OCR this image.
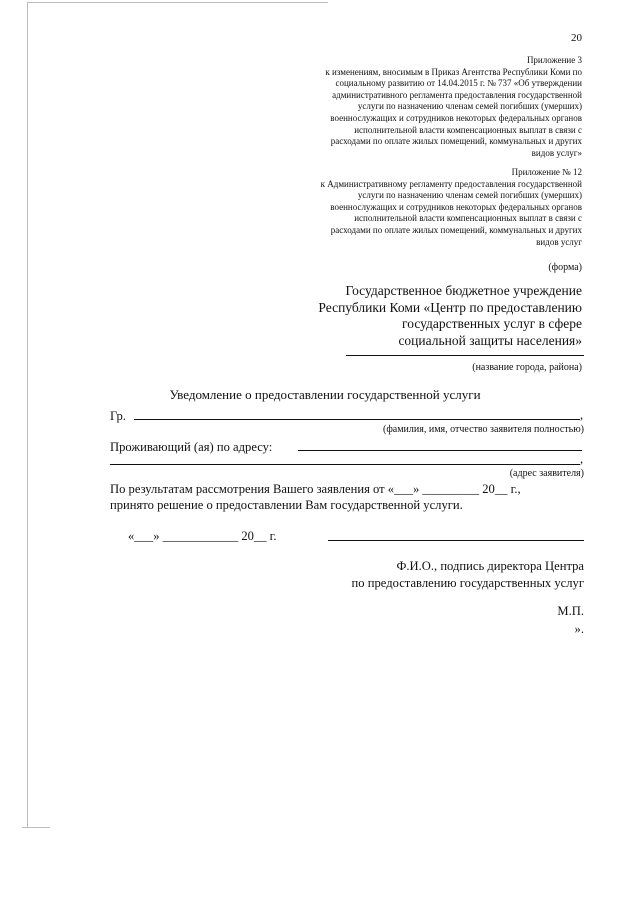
20
Приложение 3
к изменениям, вносимым в Приказ Агентства Республики Коми по
социальному развитию от 14.04.2015 г. № 737 «Об утверждении
административного регламента предоставления государственной
услуги по назначению членам семей погибших (умерших)
военнослужащих и сотрудников некоторых федеральных органов
исполнительной власти компенсационных выплат в связи с
расходами по оплате жилых помещений, коммунальных и других
видов услуг»
Приложение № 12
к Административному регламенту предоставления государственной
услуги по назначению членам семей погибших (умерших)
военнослужащих и сотрудников некоторых федеральных органов
исполнительной власти компенсационных выплат в связи с
расходами по оплате жилых помещений, коммунальных и других
видов услуг
(форма)
Государственное бюджетное учреждение
Республики Коми «Центр по предоставлению
государственных услуг в сфере
социальной защиты населения»
(название города, района)
Уведомление о предоставлении государственной услуги
Гр.	,
(фамилия, имя, отчество заявителя полностью)
Проживающий (ая) по адресу:
,
(адрес заявителя)
По результатам рассмотрения Вашего заявления от «___» _________ 20__ г.,
принято решение о предоставлении Вам государственной услуги.
«___» ____________ 20__ г.
Ф.И.О., подпись директора Центра
по предоставлению государственных услуг
М.П.
».
